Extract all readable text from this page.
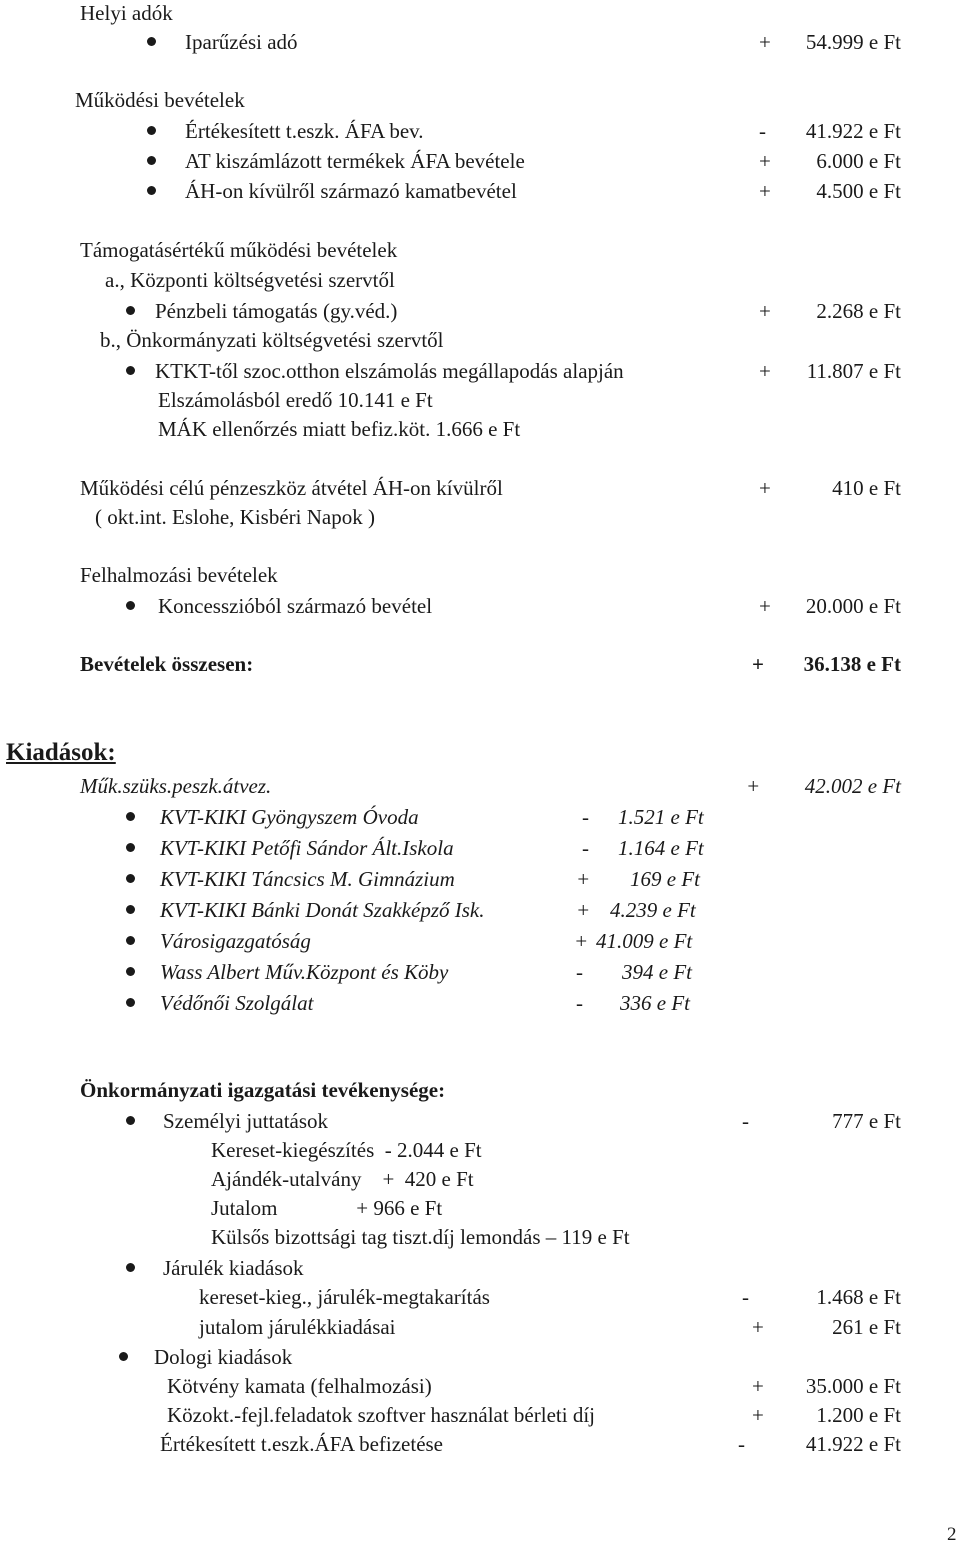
Helyi adók
Iparűzési adó	+ 54.999 e Ft
Működési bevételek
Értékesített t.eszk. ÁFA bev.	- 41.922 e Ft
AT kiszámlázott termékek ÁFA bevétele	+ 6.000 e Ft
ÁH-on kívülről származó kamatbevétel	+ 4.500 e Ft
Támogatásértékű működési bevételek
a., Központi költségvetési szervtől
Pénzbeli támogatás (gy.véd.)	+ 2.268 e Ft
b., Önkormányzati költségvetési szervtől
KTKT-től szoc.otthon elszámolás megállapodás alapján	+ 11.807 e Ft
Elszámolásból eredő 10.141 e Ft
MÁK ellenőrzés miatt befiz.köt. 1.666 e Ft
Működési célú pénzeszköz átvétel ÁH-on kívülről	+	410 e Ft
( okt.int. Eslohe, Kisbéri Napok )
Felhalmozási bevételek
Koncesszióból származó bevétel	+ 20.000 e Ft
Bevételek összesen:	+ 36.138 e Ft
Kiadások:
Műk.szüks.peszk.átvez.	+ 42.002 e Ft
KVT-KIKI Gyöngyszem Óvoda	- 1.521 e Ft
KVT-KIKI Petőfi Sándor Ált.Iskola	- 1.164 e Ft
KVT-KIKI Táncsics M. Gimnázium	+ 169 e Ft
KVT-KIKI Bánki Donát Szakképző Isk.	+ 4.239 e Ft
Városigazgatóság	+ 41.009 e Ft
Wass Albert Műv.Központ és Köby	- 394 e Ft
Védőnői Szolgálat	- 336 e Ft
Önkormányzati igazgatási tevékenysége:
Személyi juttatások	-	777 e Ft
Kereset-kiegészítés  - 2.044 e Ft
Ajándék-utalvány    +  420 e Ft
Jutalom               + 966 e Ft
Külsős bizottsági tag tiszt.díj lemondás – 119 e Ft
Járulék kiadások
kereset-kieg., járulék-megtakarítás	-	1.468 e Ft
jutalom járulékkiadásai	+	261 e Ft
Dologi kiadások
Kötvény kamata (felhalmozási)	+ 35.000 e Ft
Közokt.-fejl.feladatok szoftver használat bérleti díj	+	1.200 e Ft
Értékesített t.eszk.ÁFA befizetése	-	41.922 e Ft
2
